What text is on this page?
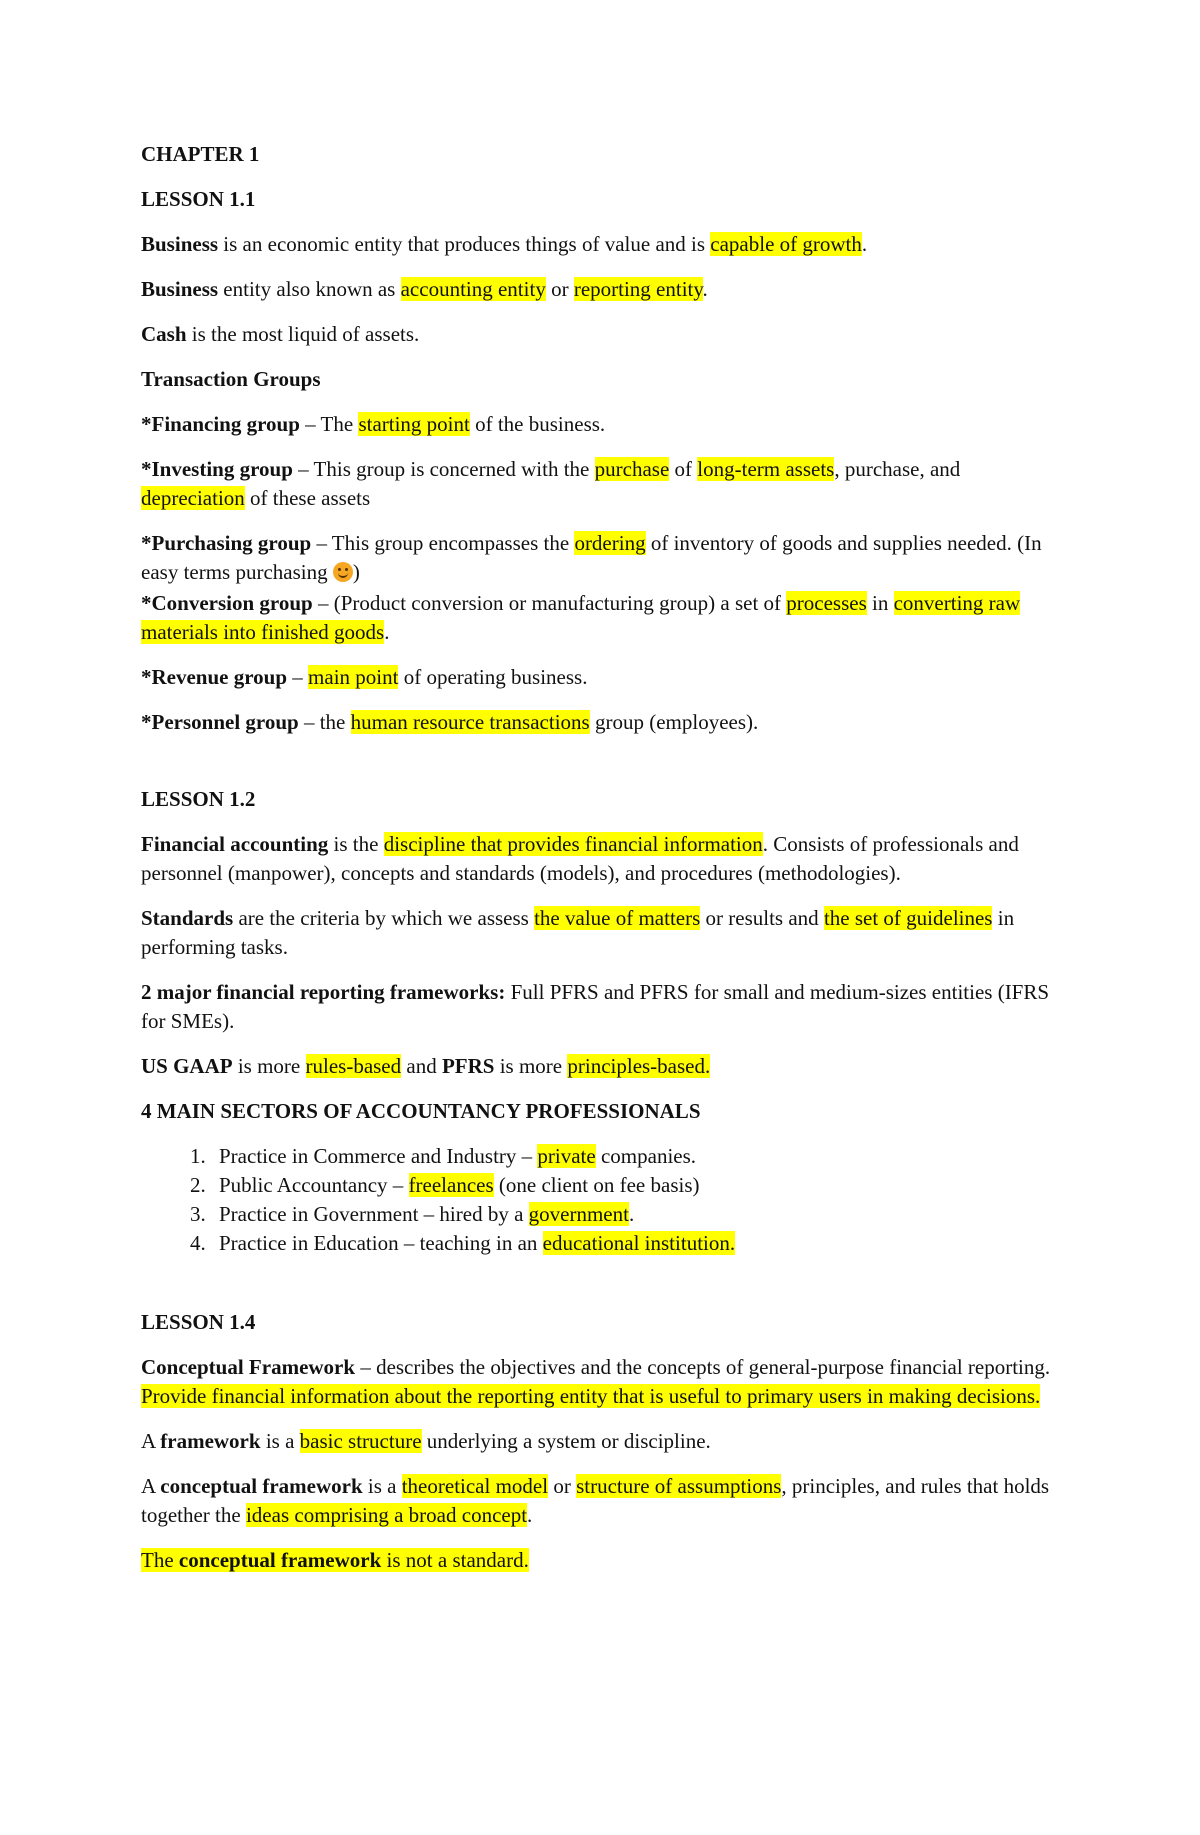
CHAPTER 1

LESSON 1.1

Business is an economic entity that produces things of value and is capable of growth.

Business entity also known as accounting entity or reporting entity.

Cash is the most liquid of assets.

Transaction Groups

*Financing group – The starting point of the business.

*Investing group – This group is concerned with the purchase of long-term assets, purchase, and depreciation of these assets

*Purchasing group – This group encompasses the ordering of inventory of goods and supplies needed. (In easy terms purchasing )

*Conversion group – (Product conversion or manufacturing group) a set of processes in converting raw materials into finished goods.

*Revenue group – main point of operating business.

*Personnel group – the human resource transactions group (employees).

LESSON 1.2

Financial accounting is the discipline that provides financial information. Consists of professionals and personnel (manpower), concepts and standards (models), and procedures (methodologies).

Standards are the criteria by which we assess the value of matters or results and the set of guidelines in performing tasks.

2 major financial reporting frameworks: Full PFRS and PFRS for small and medium-sizes entities (IFRS for SMEs).

US GAAP is more rules-based and PFRS is more principles-based.

4 MAIN SECTORS OF ACCOUNTANCY PROFESSIONALS

1. Practice in Commerce and Industry – private companies.
2. Public Accountancy – freelances (one client on fee basis)
3. Practice in Government – hired by a government.
4. Practice in Education – teaching in an educational institution.

LESSON 1.4

Conceptual Framework – describes the objectives and the concepts of general-purpose financial reporting. Provide financial information about the reporting entity that is useful to primary users in making decisions.

A framework is a basic structure underlying a system or discipline.

A conceptual framework is a theoretical model or structure of assumptions, principles, and rules that holds together the ideas comprising a broad concept.

The conceptual framework is not a standard.
